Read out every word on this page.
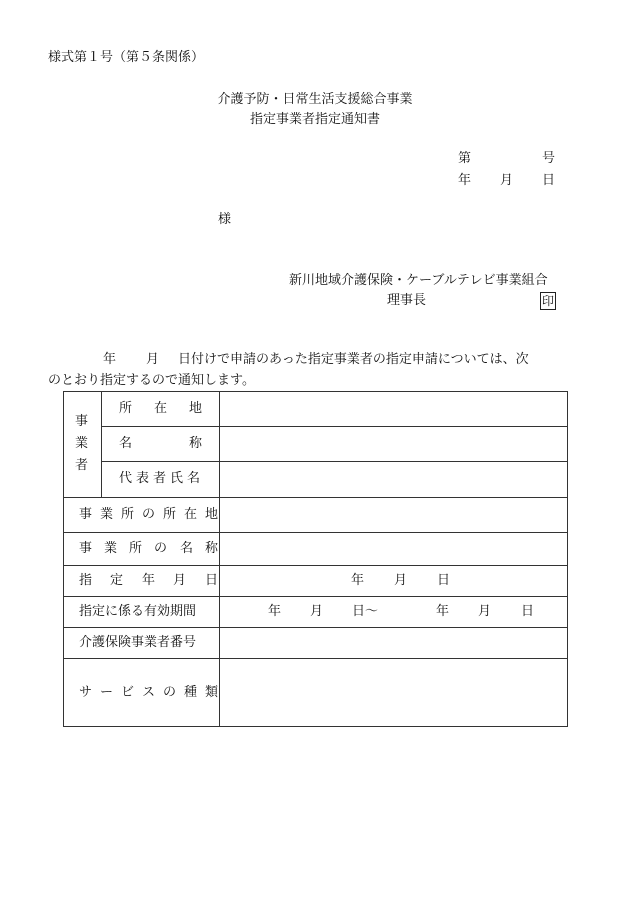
様式第１号（第５条関係）
介護予防・日常生活支援総合事業
指定事業者指定通知書
第	号
年 月 日
様
新川地域介護保険・ケーブルテレビ事業組合
理事長	印
年 月 日付けで申請のあった指定事業者の指定申請については、次
のとおり指定するので通知します。
事
業
者
所 在 地
名	称
代表者氏名
事 業 所 の 所 在 地
事 業 所 の 名 称
指 定 年 月 日	年 月 日
指定に係る有効期間	年 月 日～	年 月 日
介護保険事業者番号
サ ー ビ ス の 種 類
